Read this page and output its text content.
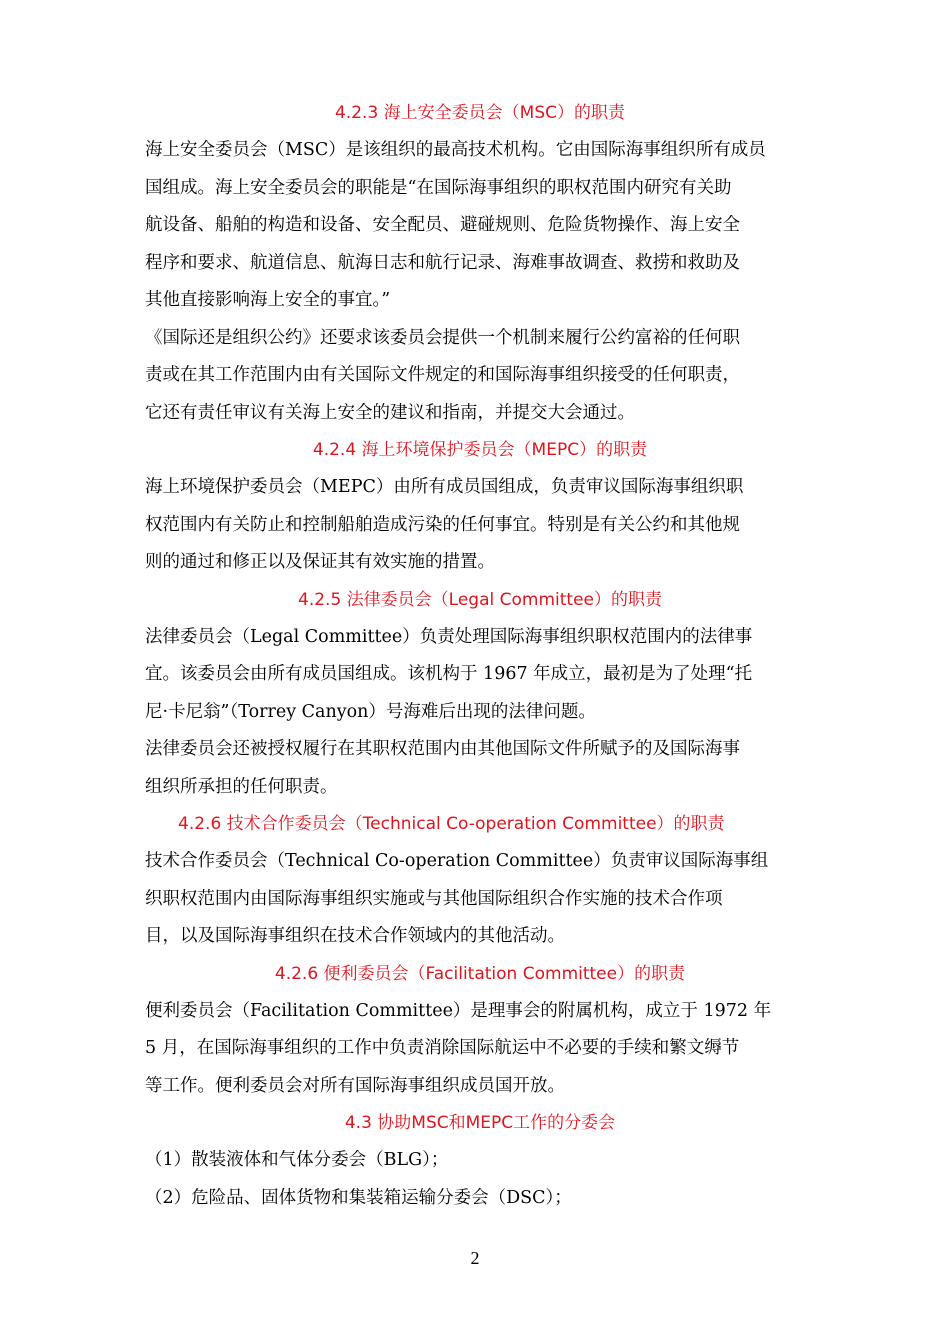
4.2.3 海上安全委员会（MSC）的职责

海上安全委员会（MSC）是该组织的最高技术机构。它由国际海事组织所有成员
国组成。海上安全委员会的职能是“在国际海事组织的职权范围内研究有关助
航设备、船舶的构造和设备、安全配员、避碰规则、危险货物操作、海上安全
程序和要求、航道信息、航海日志和航行记录、海难事故调查、救捞和救助及
其他直接影响海上安全的事宜。”

《国际还是组织公约》还要求该委员会提供一个机制来履行公约富裕的任何职
责或在其工作范围内由有关国际文件规定的和国际海事组织接受的任何职责，
它还有责任审议有关海上安全的建议和指南，并提交大会通过。

4.2.4 海上环境保护委员会（MEPC）的职责

海上环境保护委员会（MEPC）由所有成员国组成，负责审议国际海事组织职
权范围内有关防止和控制船舶造成污染的任何事宜。特别是有关公约和其他规
则的通过和修正以及保证其有效实施的措置。

4.2.5 法律委员会（Legal Committee）的职责

法律委员会（Legal Committee）负责处理国际海事组织职权范围内的法律事
宜。该委员会由所有成员国组成。该机构于 1967 年成立，最初是为了处理“托
尼·卡尼翁”（Torrey Canyon）号海难后出现的法律问题。

法律委员会还被授权履行在其职权范围内由其他国际文件所赋予的及国际海事
组织所承担的任何职责。

4.2.6 技术合作委员会（Technical Co-operation Committee）的职责

技术合作委员会（Technical Co-operation Committee）负责审议国际海事组
织职权范围内由国际海事组织实施或与其他国际组织合作实施的技术合作项
目，以及国际海事组织在技术合作领域内的其他活动。

4.2.6 便利委员会（Facilitation Committee）的职责

便利委员会（Facilitation Committee）是理事会的附属机构，成立于 1972 年
5 月，在国际海事组织的工作中负责消除国际航运中不必要的手续和繁文缛节
等工作。便利委员会对所有国际海事组织成员国开放。

4.3 协助MSC和MEPC工作的分委会

（1）散装液体和气体分委会（BLG）；

（2）危险品、固体货物和集装箱运输分委会（DSC）；

2
